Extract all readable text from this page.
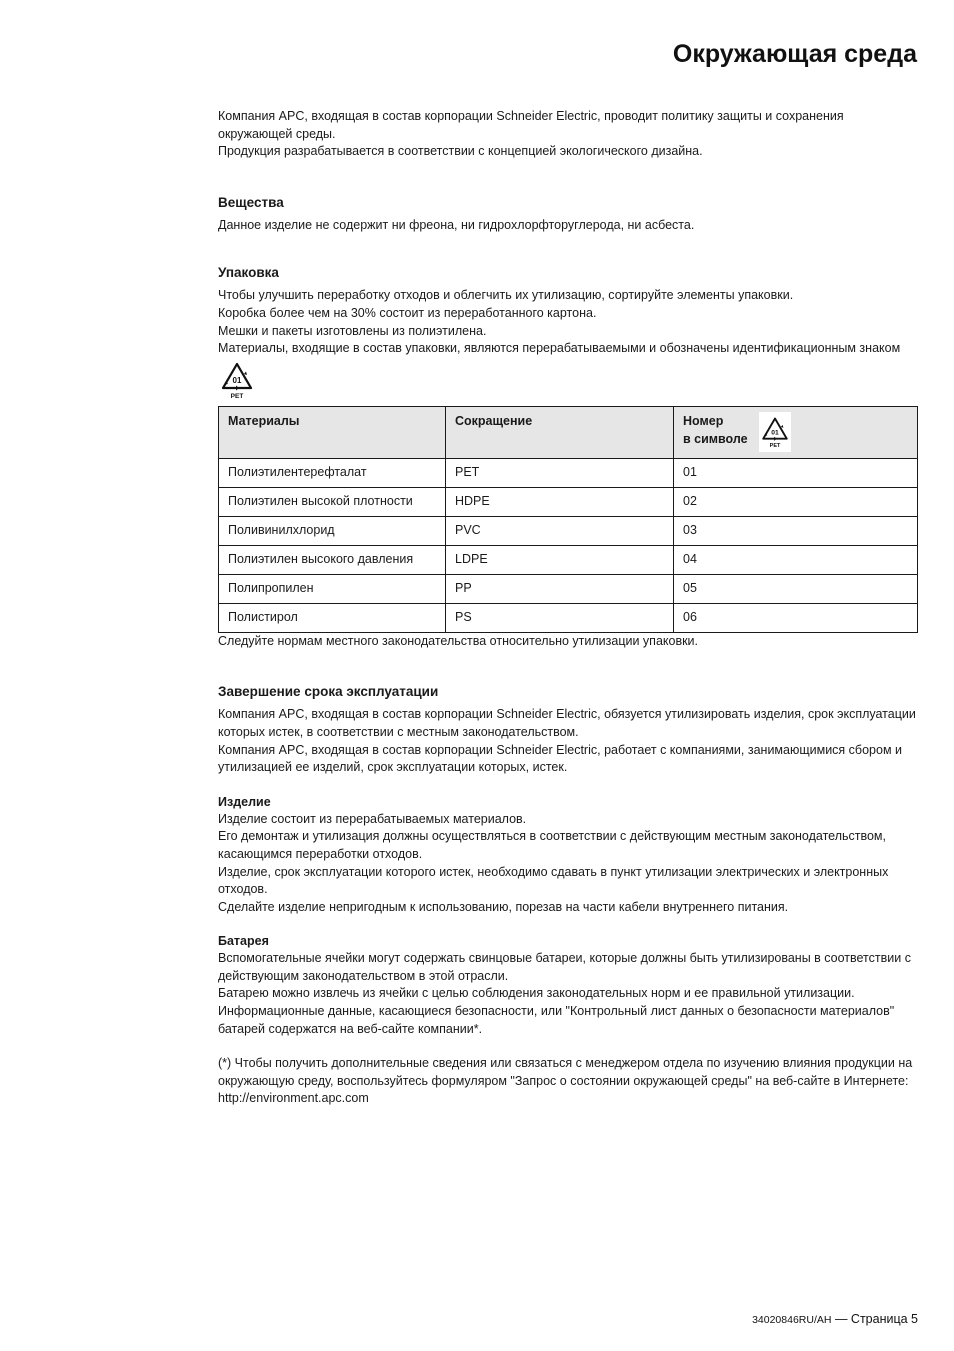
Окружающая среда

Компания APC, входящая в состав корпорации Schneider Electric, проводит политику защиты и сохранения окружающей среды.

Продукция разрабатывается в соответствии с концепцией экологического дизайна.

Вещества

Данное изделие не содержит ни фреона, ни гидрохлорфторуглерода, ни асбеста.

Упаковка

Чтобы улучшить переработку отходов и облегчить их утилизацию, сортируйте элементы упаковки.

Коробка более чем на 30% состоит из переработанного картона.

Мешки и пакеты изготовлены из полиэтилена.

Материалы, входящие в состав упаковки, являются перерабатываемыми и обозначены идентификационным знаком

01
PET
Материалы	Сокращение	Номер
в символе 01
PET

Полиэтилентерефталат	PET	01
Полиэтилен высокой плотности	HDPE	02
Поливинилхлорид	PVC	03
Полиэтилен высокого давления	LDPE	04
Полипропилен	PP	05
Полистирол	PS	06

Следуйте нормам местного законодательства относительно утилизации упаковки.

Завершение срока эксплуатации

Компания APC, входящая в состав корпорации Schneider Electric, обязуется утилизировать изделия, срок эксплуатации которых истек, в соответствии с местным законодательством.

Компания APC, входящая в состав корпорации Schneider Electric, работает с компаниями, занимающимися сбором и утилизацией ее изделий, срок эксплуатации которых, истек.

Изделие

Изделие состоит из перерабатываемых материалов.

Его демонтаж и утилизация должны осуществляться в соответствии с действующим местным законодательством, касающимся переработки отходов.

Изделие, срок эксплуатации которого истек, необходимо сдавать в пункт утилизации электрических и электронных отходов.

Сделайте изделие непригодным к использованию, порезав на части кабели внутреннего питания.

Батарея

Вспомогательные ячейки могут содержать свинцовые батареи, которые должны быть утилизированы в соответствии с действующим законодательством в этой отрасли.

Батарею можно извлечь из ячейки с целью соблюдения законодательных норм и ее правильной утилизации.

Информационные данные, касающиеся безопасности, или "Контрольный лист данных о безопасности материалов" батарей содержатся на веб-сайте компании*.

(*) Чтобы получить дополнительные сведения или связаться с менеджером отдела по изучению влияния продукции на окружающую среду, воспользуйтесь формуляром "Запрос о состоянии окружающей среды" на веб-сайте в Интернете: http://environment.apc.com

34020846RU/AH — Страница 5
